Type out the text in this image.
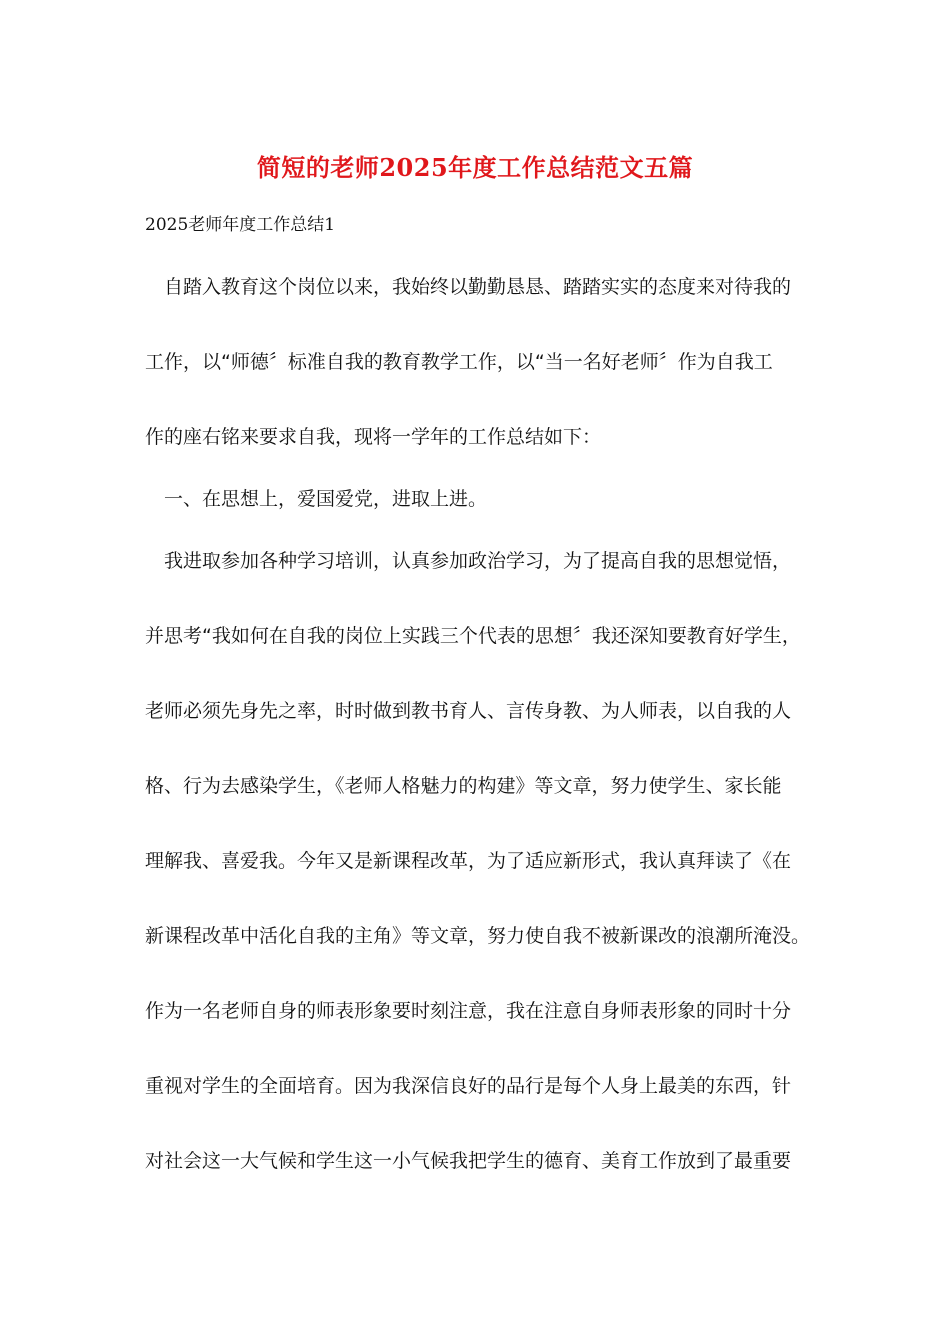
简短的老师2025年度工作总结范文五篇
2025老师年度工作总结1
自踏入教育这个岗位以来，我始终以勤勤恳恳、踏踏实实的态度来对待我的
工作，以“师德〞标准自我的教育教学工作，以“当一名好老师〞作为自我工
作的座右铭来要求自我，现将一学年的工作总结如下：
一、在思想上，爱国爱党，进取上进。
我进取参加各种学习培训，认真参加政治学习，为了提高自我的思想觉悟，
并思考“我如何在自我的岗位上实践三个代表的思想〞我还深知要教育好学生，
老师必须先身先之率，时时做到教书育人、言传身教、为人师表，以自我的人
格、行为去感染学生，《老师人格魅力的构建》等文章，努力使学生、家长能
理解我、喜爱我。今年又是新课程改革，为了适应新形式，我认真拜读了《在
新课程改革中活化自我的主角》等文章，努力使自我不被新课改的浪潮所淹没。
作为一名老师自身的师表形象要时刻注意，我在注意自身师表形象的同时十分
重视对学生的全面培育。因为我深信良好的品行是每个人身上最美的东西，针
对社会这一大气候和学生这一小气候我把学生的德育、美育工作放到了最重要
